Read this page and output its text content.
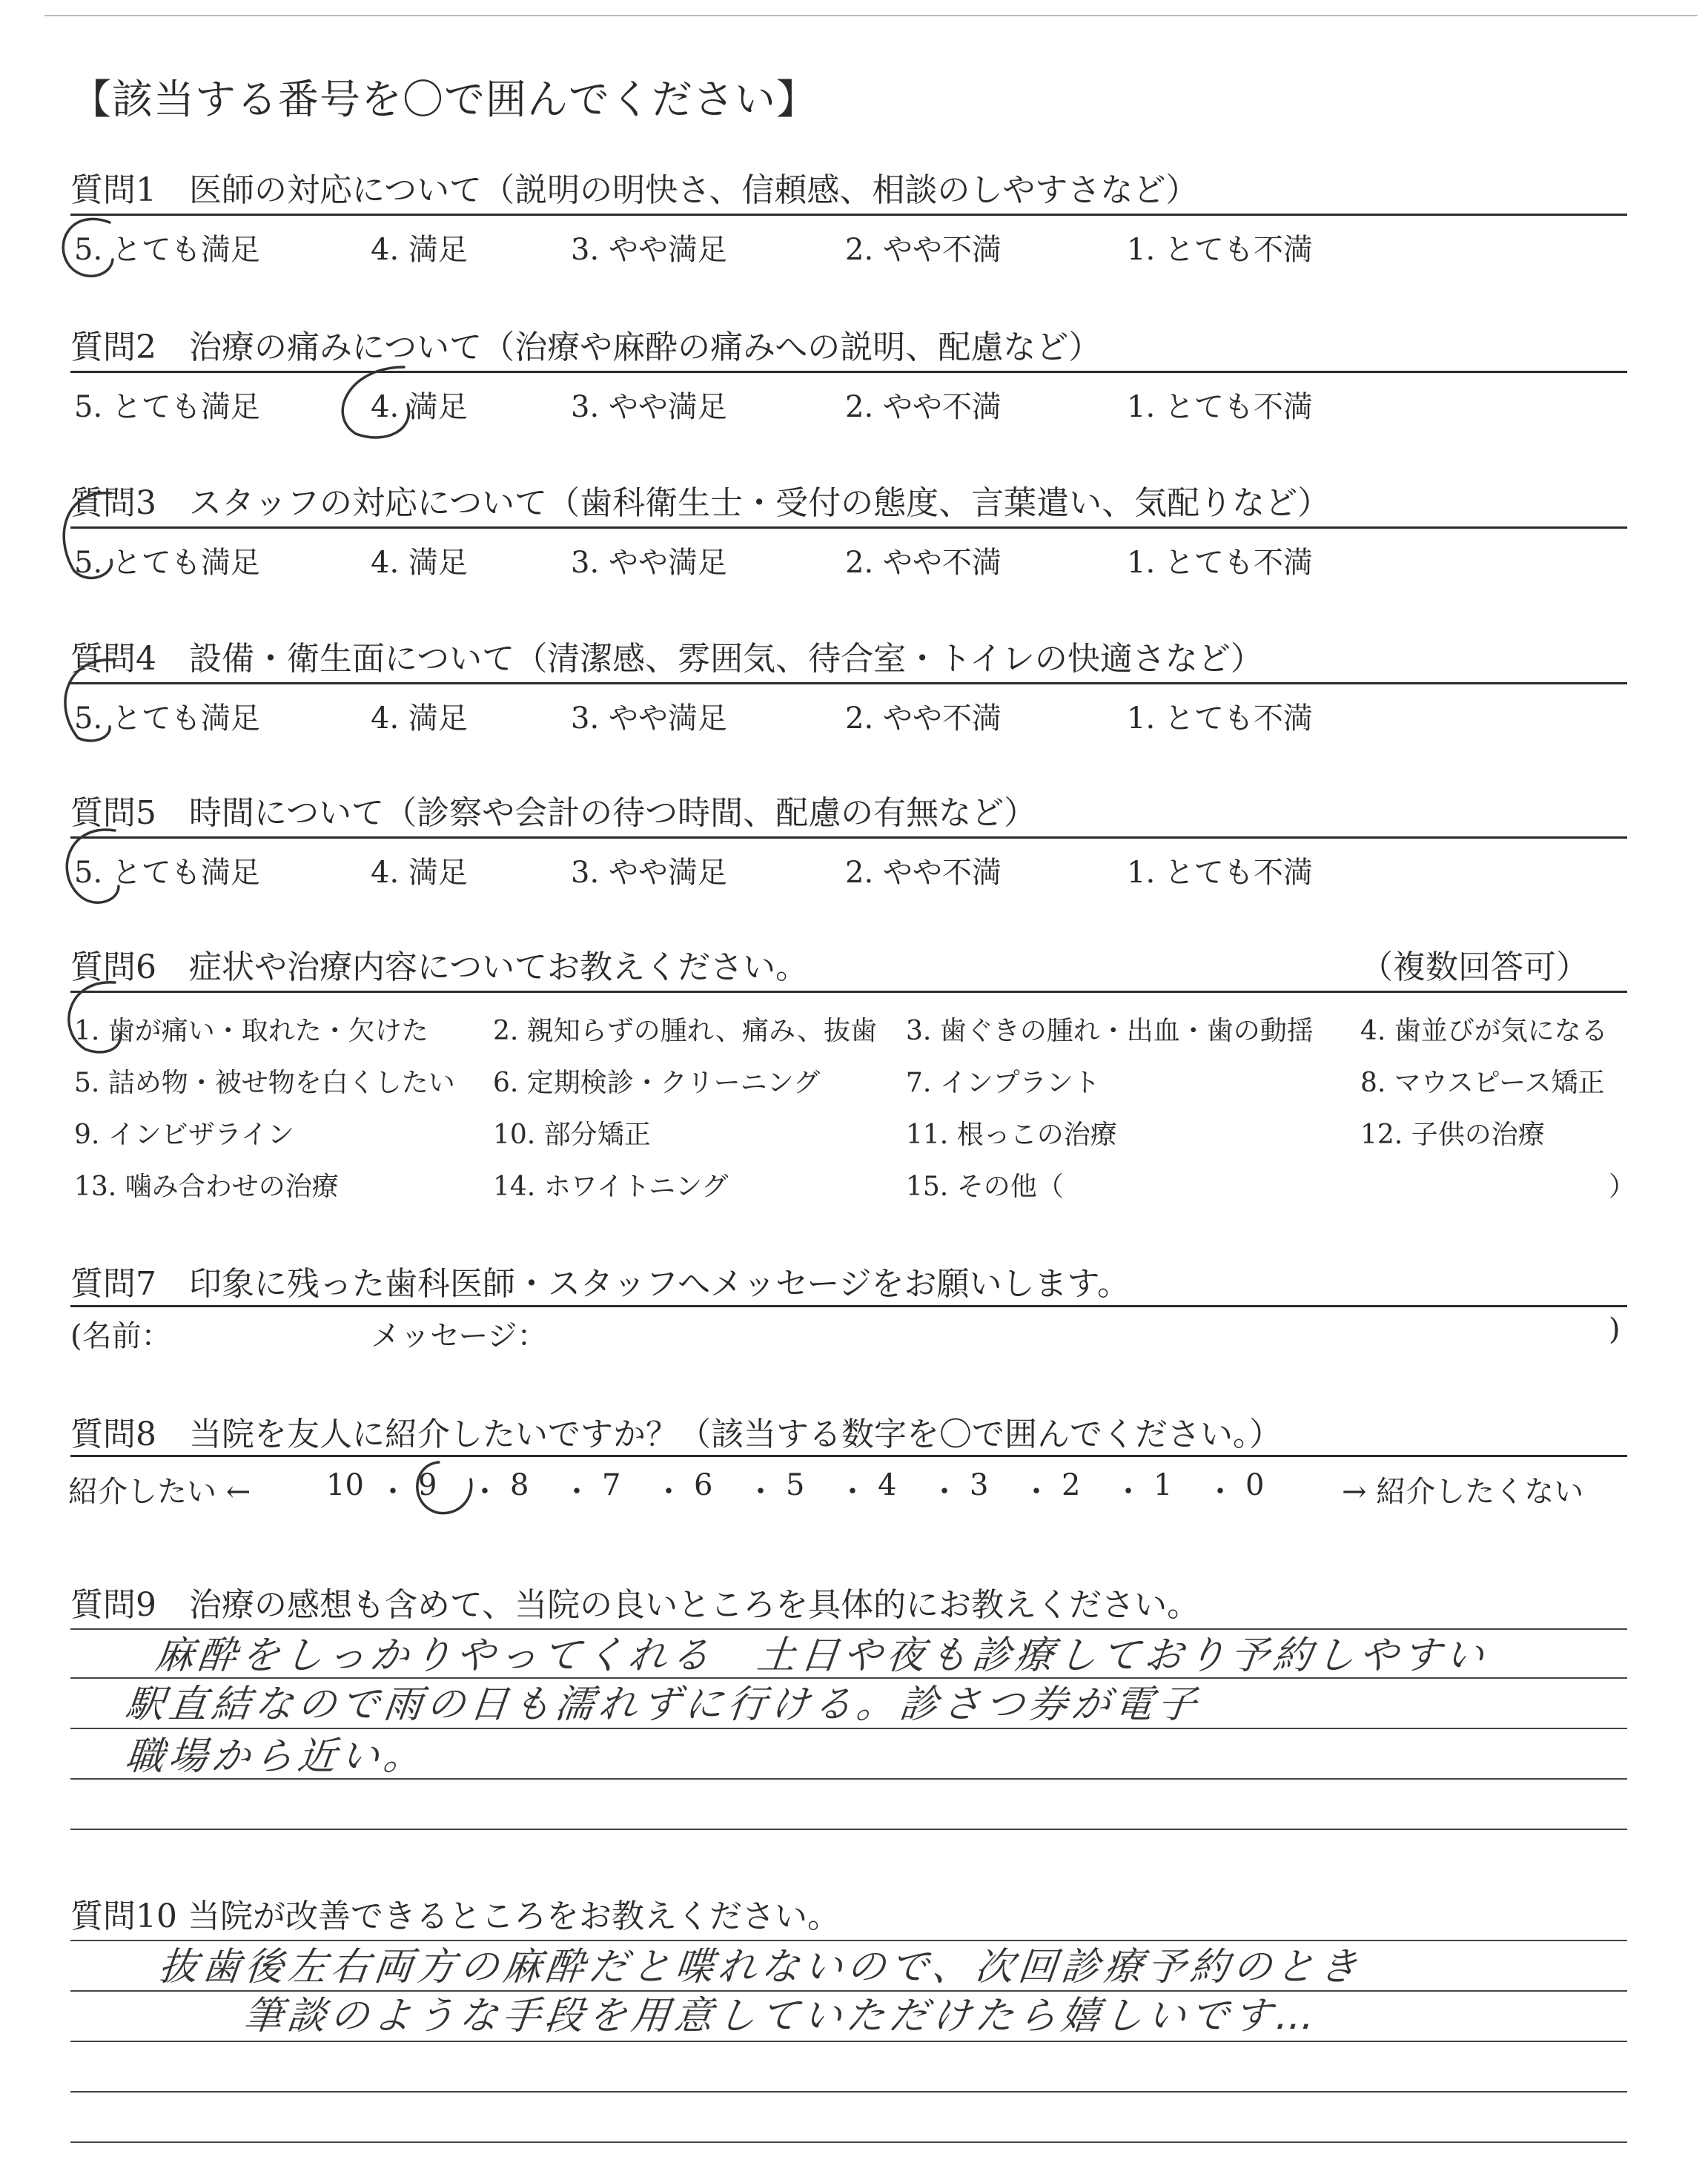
【該当する番号を〇で囲んでください】
質問1　医師の対応について（説明の明快さ、信頼感、相談のしやすさなど）
5. とても満足	4. 満足	3. やや満足	2. やや不満	1. とても不満
質問2　治療の痛みについて（治療や麻酔の痛みへの説明、配慮など）
5. とても満足	4. 満足	3. やや満足	2. やや不満	1. とても不満
質問3　スタッフの対応について（歯科衛生士・受付の態度、言葉遣い、気配りなど）
5. とても満足	4. 満足	3. やや満足	2. やや不満	1. とても不満
質問4　設備・衛生面について（清潔感、雰囲気、待合室・トイレの快適さなど）
5. とても満足	4. 満足	3. やや満足	2. やや不満	1. とても不満
質問5　時間について（診察や会計の待つ時間、配慮の有無など）
5. とても満足	4. 満足	3. やや満足	2. やや不満	1. とても不満
質問6　症状や治療内容についてお教えください。	（複数回答可）
1. 歯が痛い・取れた・欠けた 2. 親知らずの腫れ、痛み、抜歯 3. 歯ぐきの腫れ・出血・歯の動揺 4. 歯並びが気になる
5. 詰め物・被せ物を白くしたい 6. 定期検診・クリーニング	7. インプラント	8. マウスピース矯正
9. インビザライン	10. 部分矯正	11. 根っこの治療	12. 子供の治療
13. 噛み合わせの治療	14. ホワイトニング	15. その他（	）
質問7　印象に残った歯科医師・スタッフへメッセージをお願いします。
(名前：	メッセージ：	)
質問8　当院を友人に紹介したいですか？（該当する数字を〇で囲んでください。）
紹介したい ←	10 ・ 9 ・ 8 ・ 7 ・ 6 ・ 5 ・ 4 ・ 3 ・ 2 ・ 1 ・ 0	→ 紹介したくない
質問9　治療の感想も含めて、当院の良いところを具体的にお教えください。
麻酔をしっかりやってくれる　土日や夜も診療しており予約しやすい
駅直結なので雨の日も濡れずに行ける。診さつ券が電子
職場から近い。
質問10 当院が改善できるところをお教えください。
抜歯後左右両方の麻酔だと喋れないので、次回診療予約のとき
筆談のような手段を用意していただけたら嬉しいです…
